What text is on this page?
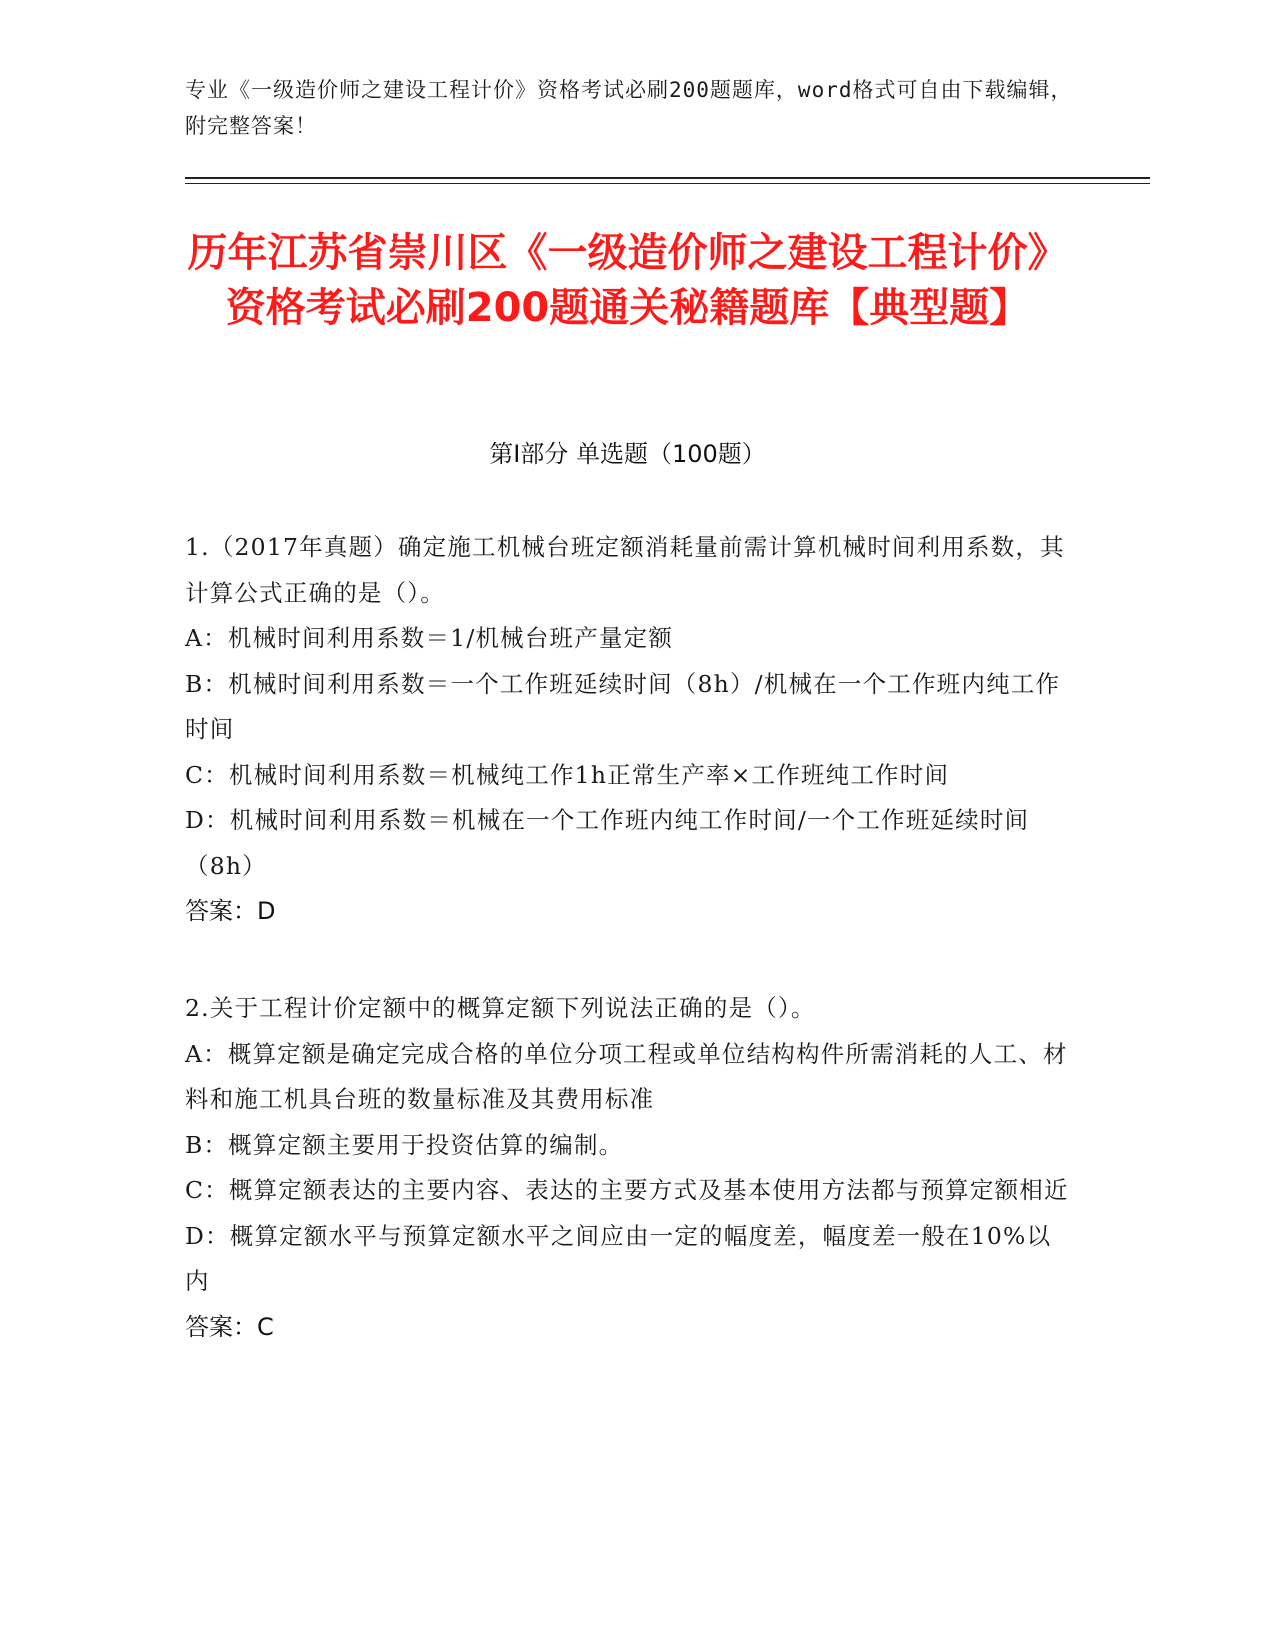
专业《一级造价师之建设工程计价》资格考试必刷200题题库，word格式可自由下载编辑，附完整答案！
历年江苏省崇川区《一级造价师之建设工程计价》资格考试必刷200题通关秘籍题库【典型题】
第Ⅰ部分 单选题（100题）

1.（2017年真题）确定施工机械台班定额消耗量前需计算机械时间利用系数，其计算公式正确的是（）。

A：机械时间利用系数＝1/机械台班产量定额

B：机械时间利用系数＝一个工作班延续时间（8h）/机械在一个工作班内纯工作时间

C：机械时间利用系数＝机械纯工作1h正常生产率×工作班纯工作时间

D：机械时间利用系数＝机械在一个工作班内纯工作时间/一个工作班延续时间（8h）

答案：D

2.关于工程计价定额中的概算定额下列说法正确的是（）。

A：概算定额是确定完成合格的单位分项工程或单位结构构件所需消耗的人工、材料和施工机具台班的数量标准及其费用标准

B：概算定额主要用于投资估算的编制。

C：概算定额表达的主要内容、表达的主要方式及基本使用方法都与预算定额相近

D：概算定额水平与预算定额水平之间应由一定的幅度差，幅度差一般在10%以内

答案：C
